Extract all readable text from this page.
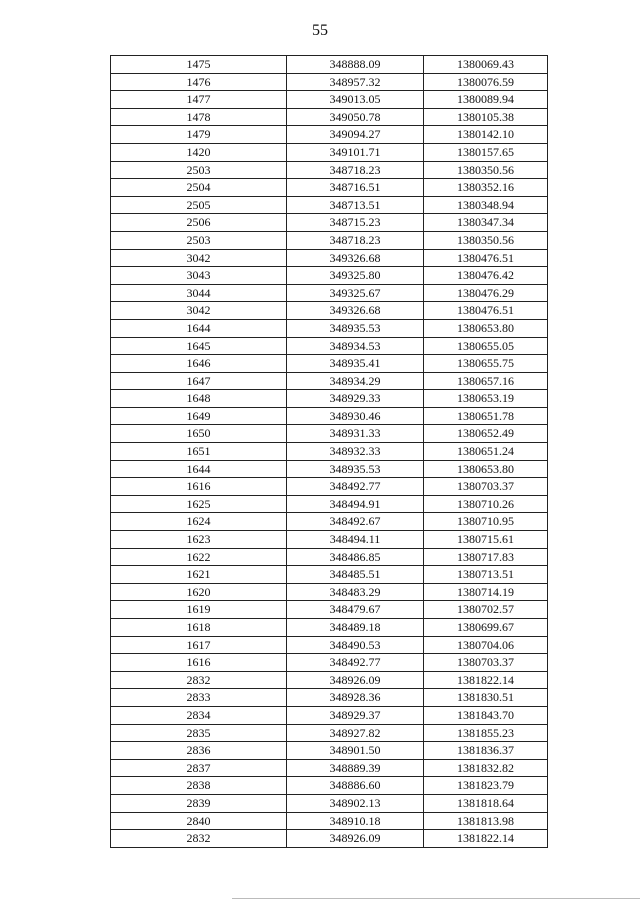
55
1475	348888.09	1380069.43
1476	348957.32	1380076.59
1477	349013.05	1380089.94
1478	349050.78	1380105.38
1479	349094.27	1380142.10
1420	349101.71	1380157.65
2503	348718.23	1380350.56
2504	348716.51	1380352.16
2505	348713.51	1380348.94
2506	348715.23	1380347.34
2503	348718.23	1380350.56
3042	349326.68	1380476.51
3043	349325.80	1380476.42
3044	349325.67	1380476.29
3042	349326.68	1380476.51
1644	348935.53	1380653.80
1645	348934.53	1380655.05
1646	348935.41	1380655.75
1647	348934.29	1380657.16
1648	348929.33	1380653.19
1649	348930.46	1380651.78
1650	348931.33	1380652.49
1651	348932.33	1380651.24
1644	348935.53	1380653.80
1616	348492.77	1380703.37
1625	348494.91	1380710.26
1624	348492.67	1380710.95
1623	348494.11	1380715.61
1622	348486.85	1380717.83
1621	348485.51	1380713.51
1620	348483.29	1380714.19
1619	348479.67	1380702.57
1618	348489.18	1380699.67
1617	348490.53	1380704.06
1616	348492.77	1380703.37
2832	348926.09	1381822.14
2833	348928.36	1381830.51
2834	348929.37	1381843.70
2835	348927.82	1381855.23
2836	348901.50	1381836.37
2837	348889.39	1381832.82
2838	348886.60	1381823.79
2839	348902.13	1381818.64
2840	348910.18	1381813.98
2832	348926.09	1381822.14
